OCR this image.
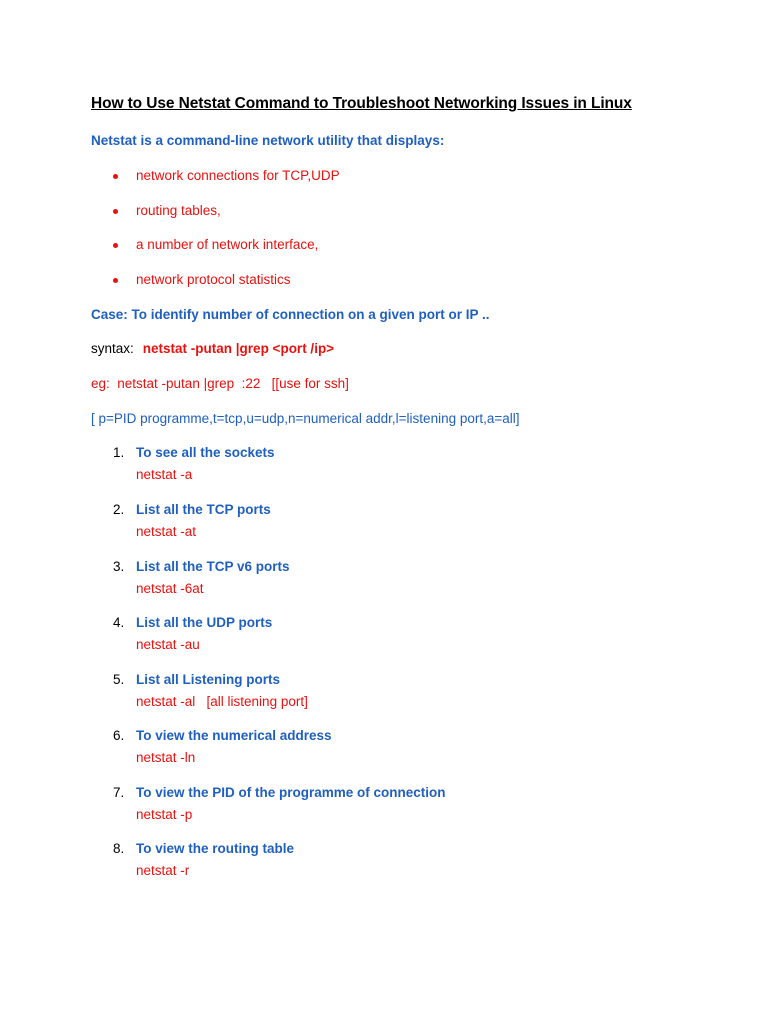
How to Use Netstat Command to Troubleshoot Networking Issues in Linux
Netstat is a command-line network utility that displays:
network connections for TCP,UDP
routing tables,
a number of network interface,
network protocol statistics
Case: To identify number of connection on a given port or IP ..
syntax: netstat -putan |grep <port /ip>
eg:  netstat -putan |grep  :22   [[use for ssh]
[ p=PID programme,t=tcp,u=udp,n=numerical addr,l=listening port,a=all]
1. To see all the sockets
netstat -a
2. List all the TCP ports
netstat -at
3. List all the TCP v6 ports
netstat -6at
4. List all the UDP ports
netstat -au
5. List all Listening ports
netstat -al   [all listening port]
6. To view the numerical address
netstat -ln
7. To view the PID of the programme of connection
netstat -p
8. To view the routing table
netstat -r
